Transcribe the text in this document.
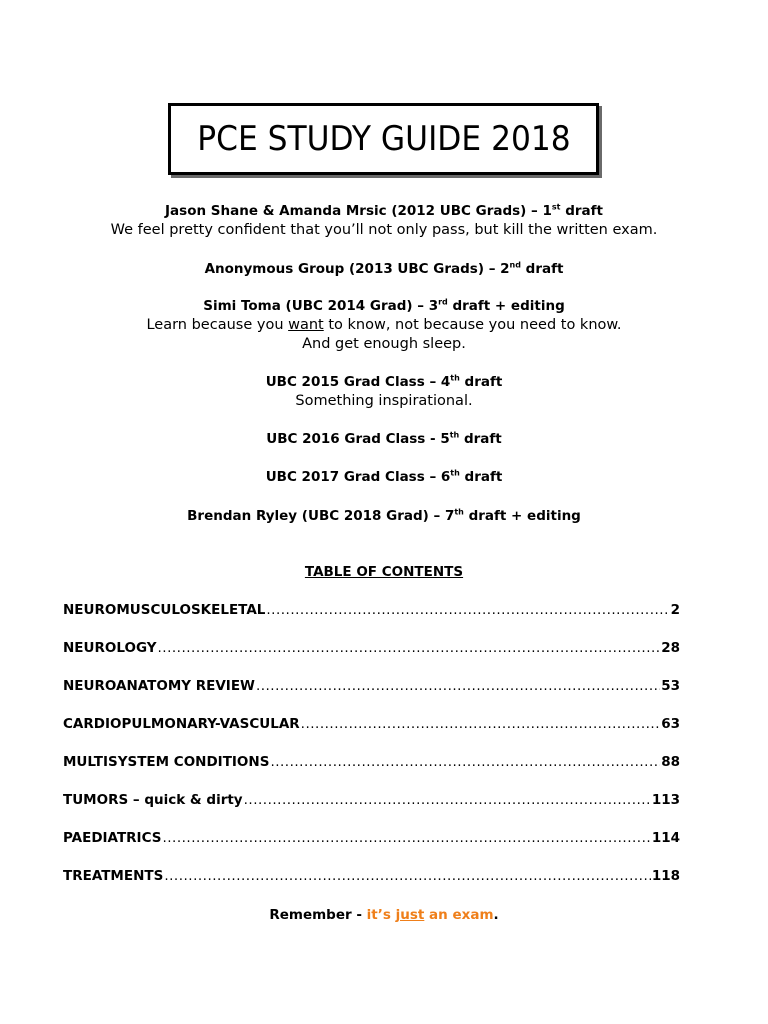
PCE STUDY GUIDE 2018
Jason Shane & Amanda Mrsic (2012 UBC Grads) – 1st draft
We feel pretty confident that you’ll not only pass, but kill the written exam.
Anonymous Group (2013 UBC Grads) – 2nd draft
Simi Toma (UBC 2014 Grad) – 3rd draft + editing
Learn because you want to know, not because you need to know.
And get enough sleep.
UBC 2015 Grad Class – 4th draft
Something inspirational.
UBC 2016 Grad Class - 5th draft
UBC 2017 Grad Class – 6th draft
Brendan Ryley (UBC 2018 Grad) – 7th draft + editing
TABLE OF CONTENTS
NEUROMUSCULOSKELETAL .....	2
NEUROLOGY .....	28
NEUROANATOMY REVIEW .....	53
CARDIOPULMONARY-VASCULAR .....	63
MULTISYSTEM CONDITIONS .....	88
TUMORS – quick & dirty .....	113
PAEDIATRICS .....	114
TREATMENTS .....	118
Remember - it’s just an exam.
